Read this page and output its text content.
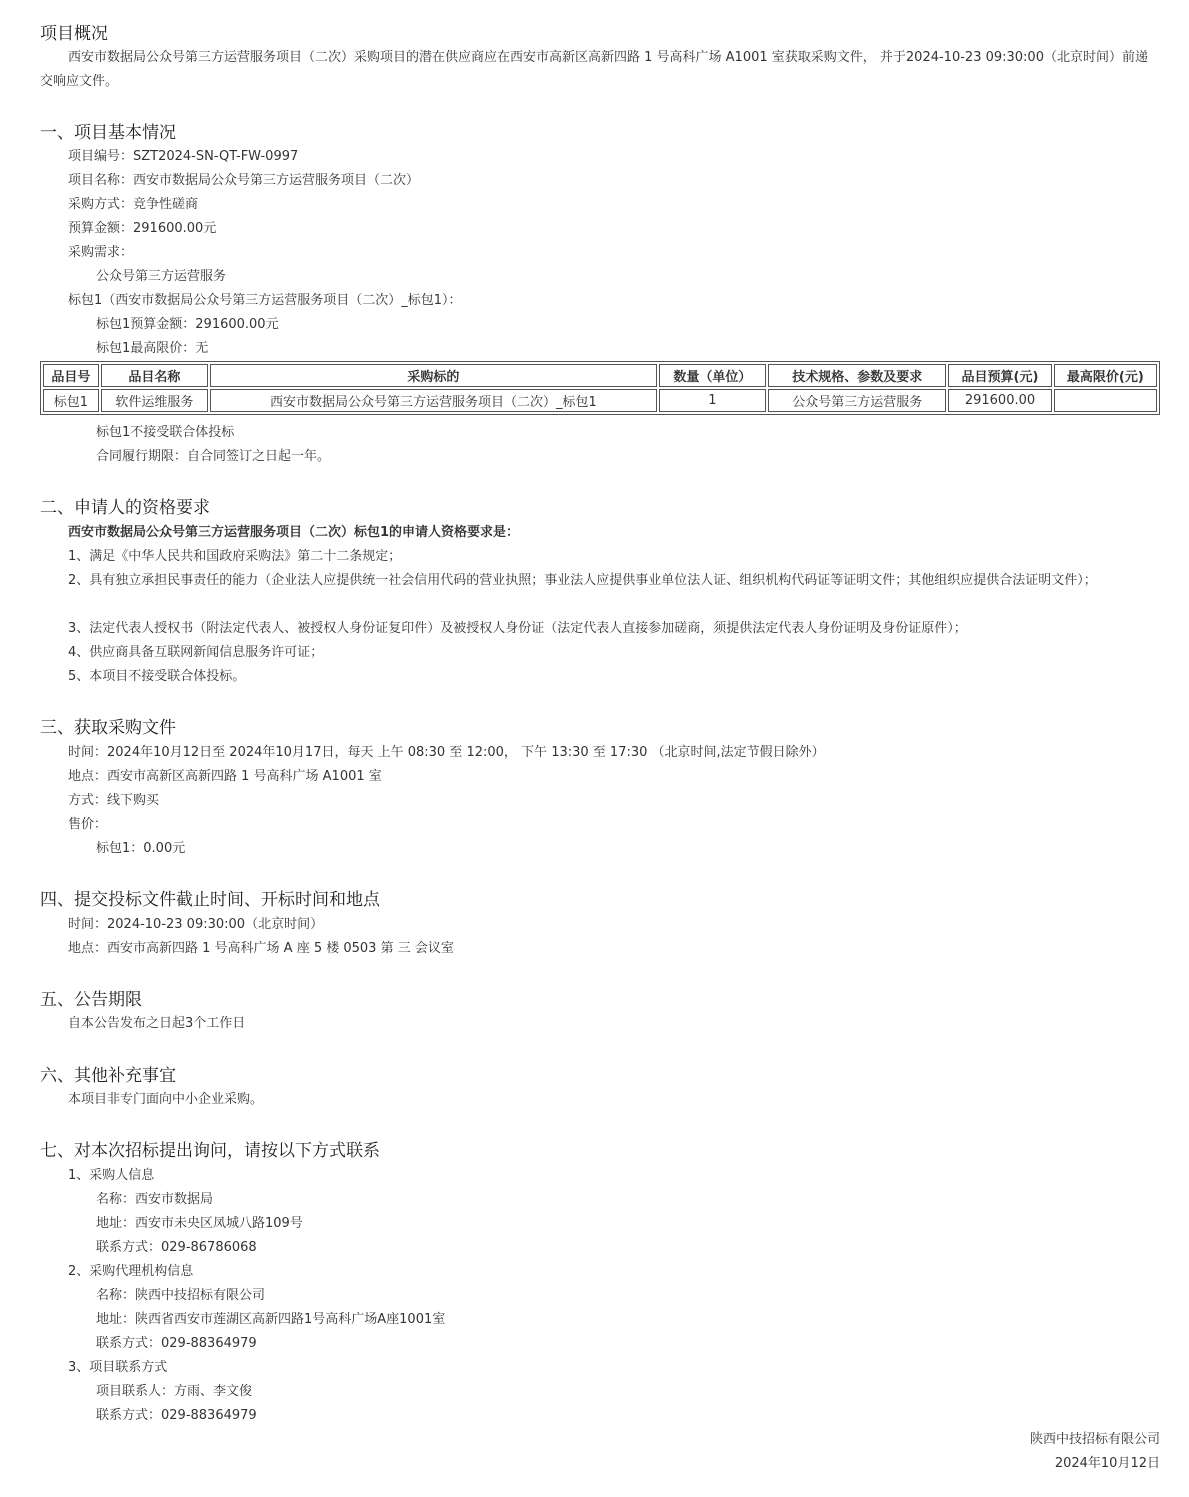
项目概况
西安市数据局公众号第三方运营服务项目（二次）采购项目的潜在供应商应在西安市高新区高新四路 1 号高科广场 A1001 室获取采购文件， 并于2024-10-23 09:30:00（北京时间）前递交响应文件。
一、项目基本情况
项目编号：SZT2024-SN-QT-FW-0997
项目名称：西安市数据局公众号第三方运营服务项目（二次）
采购方式：竞争性磋商
预算金额：291600.00元
采购需求：
公众号第三方运营服务
标包1（西安市数据局公众号第三方运营服务项目（二次）_标包1）：
标包1预算金额：291600.00元
标包1最高限价：无
品目号	品目名称	采购标的	数量（单位）	技术规格、参数及要求	品目预算(元)	最高限价(元)
标包1	软件运维服务	西安市数据局公众号第三方运营服务项目（二次）_标包1	1	公众号第三方运营服务	291600.00	
标包1不接受联合体投标
合同履行期限：自合同签订之日起一年。
二、申请人的资格要求
西安市数据局公众号第三方运营服务项目（二次）标包1的申请人资格要求是：
1、满足《中华人民共和国政府采购法》第二十二条规定；
2、具有独立承担民事责任的能力（企业法人应提供统一社会信用代码的营业执照；事业法人应提供事业单位法人证、组织机构代码证等证明文件；其他组织应提供合法证明文件）；
3、法定代表人授权书（附法定代表人、被授权人身份证复印件）及被授权人身份证（法定代表人直接参加磋商，须提供法定代表人身份证明及身份证原件）；
4、供应商具备互联网新闻信息服务许可证；
5、本项目不接受联合体投标。
三、获取采购文件
时间：2024年10月12日至 2024年10月17日，每天 上午 08:30 至 12:00， 下午 13:30 至 17:30 （北京时间,法定节假日除外）
地点：西安市高新区高新四路 1 号高科广场 A1001 室
方式：线下购买
售价：
标包1：0.00元
四、提交投标文件截止时间、开标时间和地点
时间：2024-10-23 09:30:00（北京时间）
地点：西安市高新四路 1 号高科广场 A 座 5 楼 0503 第 三 会议室
五、公告期限
自本公告发布之日起3个工作日
六、其他补充事宜
本项目非专门面向中小企业采购。
七、对本次招标提出询问，请按以下方式联系
1、采购人信息
名称：西安市数据局
地址：西安市未央区凤城八路109号
联系方式：029-86786068
2、采购代理机构信息
名称：陕西中技招标有限公司
地址：陕西省西安市莲湖区高新四路1号高科广场A座1001室
联系方式：029-88364979
3、项目联系方式
项目联系人：方雨、李文俊
联系方式：029-88364979
陕西中技招标有限公司
2024年10月12日
